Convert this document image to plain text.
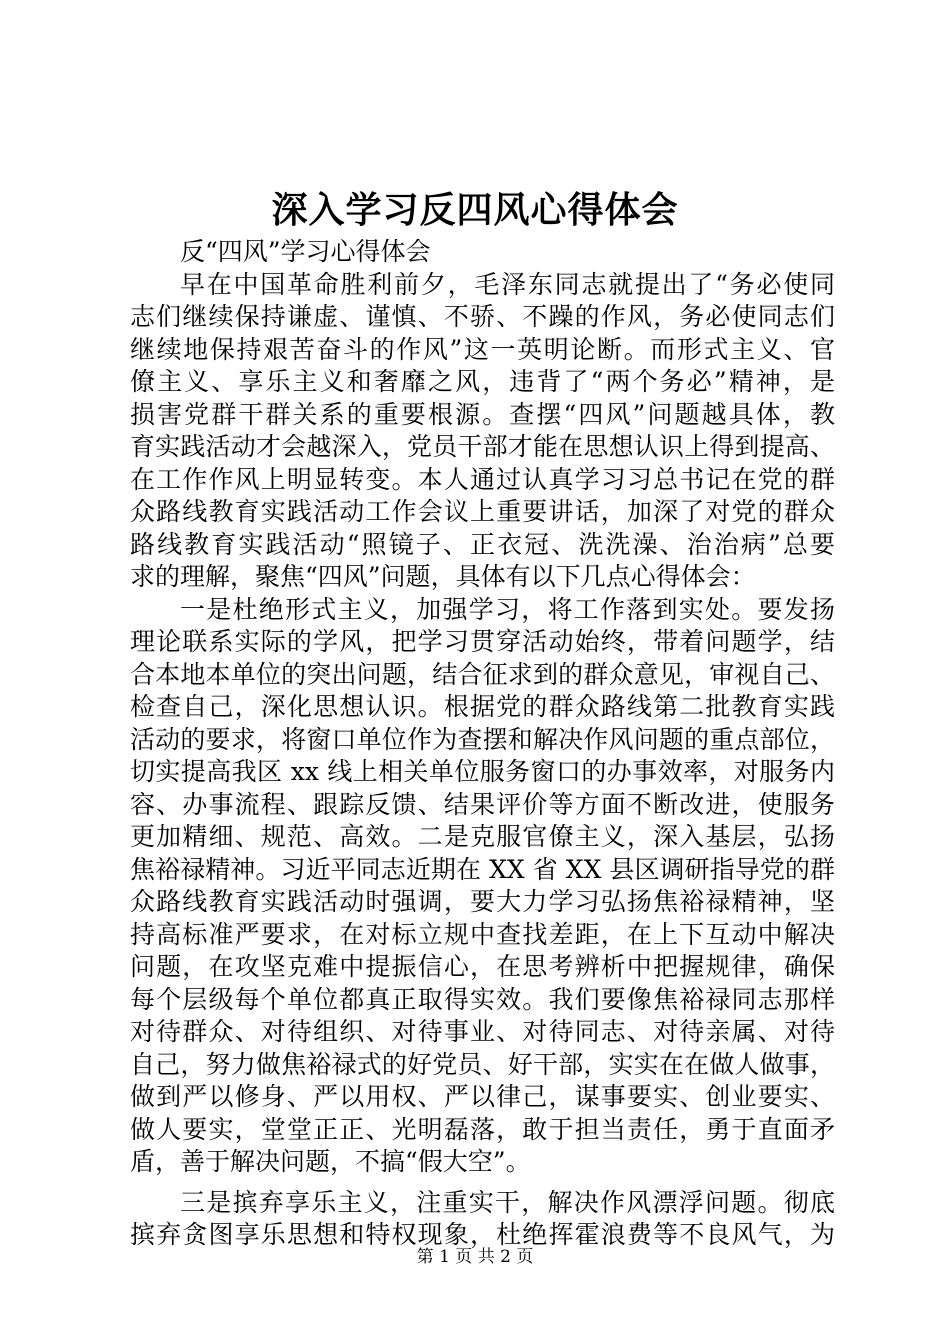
深入学习反四风心得体会
反“四风”学习心得体会
早在中国革命胜利前夕，毛泽东同志就提出了“务必使同
志们继续保持谦虚、谨慎、不骄、不躁的作风，务必使同志们
继续地保持艰苦奋斗的作风”这一英明论断。而形式主义、官
僚主义、享乐主义和奢靡之风，违背了“两个务必”精神，是
损害党群干群关系的重要根源。查摆“四风”问题越具体，教
育实践活动才会越深入，党员干部才能在思想认识上得到提高、
在工作作风上明显转变。本人通过认真学习习总书记在党的群
众路线教育实践活动工作会议上重要讲话，加深了对党的群众
路线教育实践活动“照镜子、正衣冠、洗洗澡、治治病”总要
求的理解，聚焦“四风”问题，具体有以下几点心得体会：
一是杜绝形式主义，加强学习，将工作落到实处。要发扬
理论联系实际的学风，把学习贯穿活动始终，带着问题学，结
合本地本单位的突出问题，结合征求到的群众意见，审视自己、
检查自己，深化思想认识。根据党的群众路线第二批教育实践
活动的要求，将窗口单位作为查摆和解决作风问题的重点部位，
切实提高我区 xx 线上相关单位服务窗口的办事效率，对服务内
容、办事流程、跟踪反馈、结果评价等方面不断改进，使服务
更加精细、规范、高效。二是克服官僚主义，深入基层，弘扬
焦裕禄精神。习近平同志近期在 XX 省 XX 县区调研指导党的群
众路线教育实践活动时强调，要大力学习弘扬焦裕禄精神，坚
持高标准严要求，在对标立规中查找差距，在上下互动中解决
问题，在攻坚克难中提振信心，在思考辨析中把握规律，确保
每个层级每个单位都真正取得实效。我们要像焦裕禄同志那样
对待群众、对待组织、对待事业、对待同志、对待亲属、对待
自己，努力做焦裕禄式的好党员、好干部，实实在在做人做事，
做到严以修身、严以用权、严以律己，谋事要实、创业要实、
做人要实，堂堂正正、光明磊落，敢于担当责任，勇于直面矛
盾，善于解决问题，不搞“假大空”。
三是摈弃享乐主义，注重实干，解决作风漂浮问题。彻底
摈弃贪图享乐思想和特权现象，杜绝挥霍浪费等不良风气，为
第 1 页 共 2 页
